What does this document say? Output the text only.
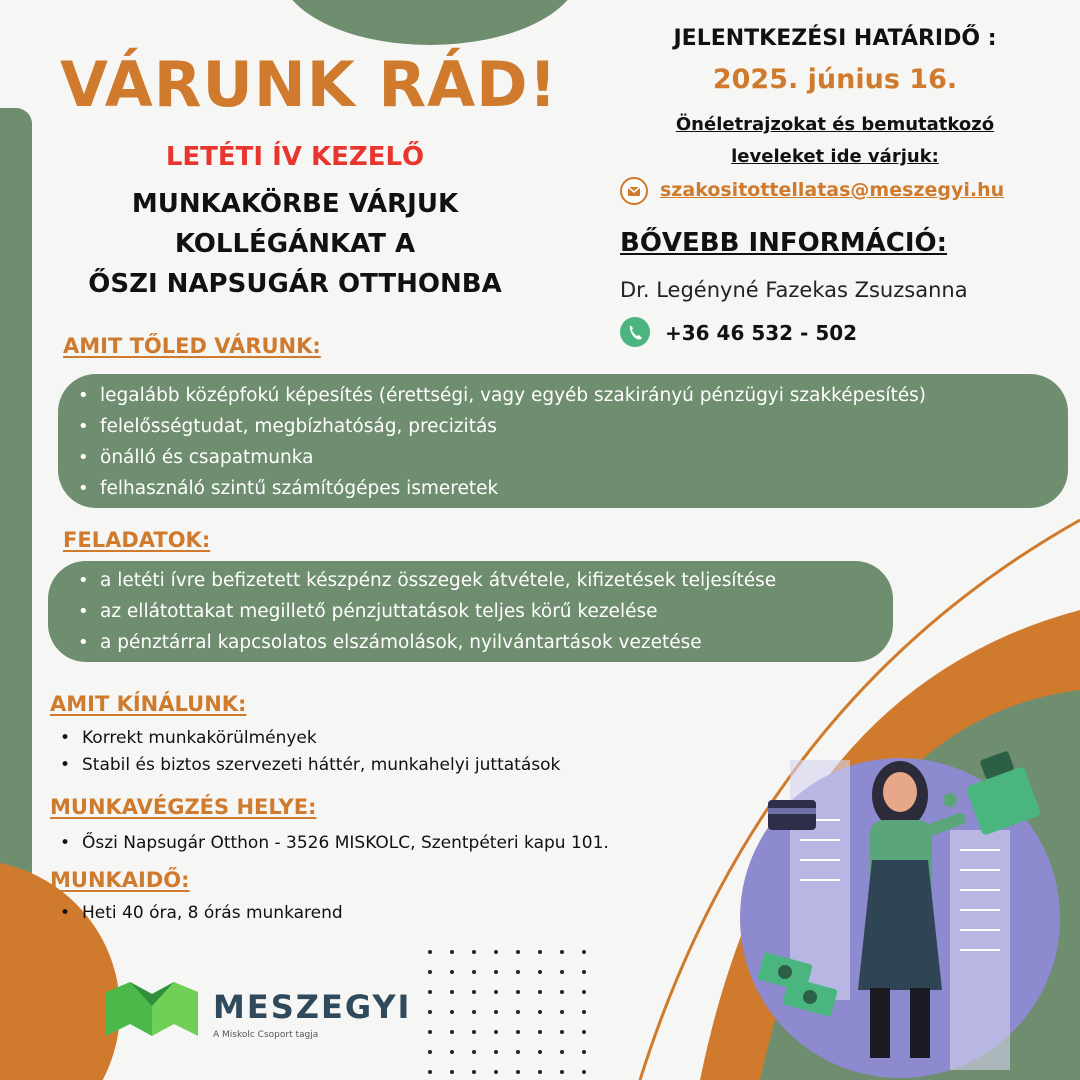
VÁRUNK RÁD!
LETÉTI ÍV KEZELŐ
MUNKAKÖRBE VÁRJUK
KOLLÉGÁNKAT A
ŐSZI NAPSUGÁR OTTHONBA
JELENTKEZÉSI HATÁRIDŐ :
2025. június 16.
Önéletrajzokat és bemutatkozó
leveleket ide várjuk:
szakositottellatas@meszegyi.hu
BŐVEBB INFORMÁCIÓ:
Dr. Legényné Fazekas Zsuzsanna
+36 46 532 - 502
AMIT TŐLED VÁRUNK:
• legalább középfokú képesítés (érettségi, vagy egyéb szakirányú pénzügyi szakképesítés)
• felelősségtudat, megbízhatóság, precizitás
• önálló és csapatmunka
• felhasználó szintű számítógépes ismeretek
FELADATOK:
• a letéti ívre befizetett készpénz összegek átvétele, kifizetések teljesítése
• az ellátottakat megillető pénzjuttatások teljes körű kezelése
• a pénztárral kapcsolatos elszámolások, nyilvántartások vezetése
AMIT KÍNÁLUNK:
• Korrekt munkakörülmények
• Stabil és biztos szervezeti háttér, munkahelyi juttatások
MUNKAVÉGZÉS HELYE:
• Őszi Napsugár Otthon - 3526 MISKOLC, Szentpéteri kapu 101.
MUNKAIDŐ:
• Heti 40 óra, 8 órás munkarend
MESZEGYI
A Miskolc Csoport tagja
